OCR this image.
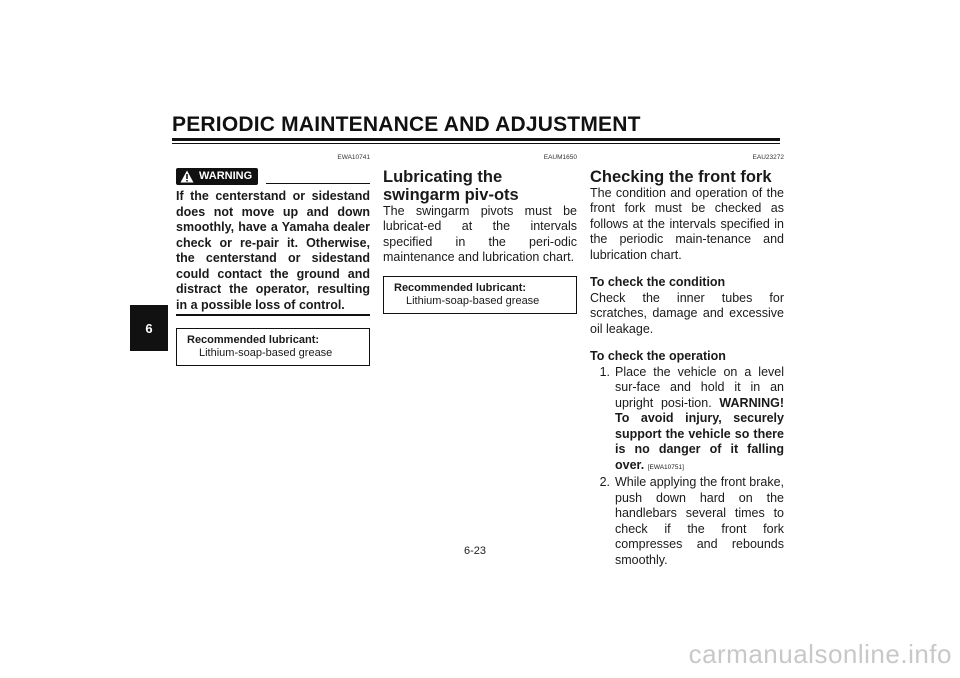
PERIODIC MAINTENANCE AND ADJUSTMENT
6
EWA10741
WARNING
If the centerstand or sidestand does not move up and down smoothly, have a Yamaha dealer check or re-pair it. Otherwise, the centerstand or sidestand could contact the ground and distract the operator, resulting in a possible loss of control.
Recommended lubricant:
Lithium-soap-based grease
EAUM1650
Lubricating the swingarm piv-ots
The swingarm pivots must be lubricat-ed at the intervals specified in the peri-odic maintenance and lubrication chart.
Recommended lubricant:
Lithium-soap-based grease
EAU23272
Checking the front fork
The condition and operation of the front fork must be checked as follows at the intervals specified in the periodic main-tenance and lubrication chart.
To check the condition
Check the inner tubes for scratches, damage and excessive oil leakage.
To check the operation
1. Place the vehicle on a level sur-face and hold it in an upright posi-tion. WARNING! To avoid injury, securely support the vehicle so there is no danger of it falling over. [EWA10751]
2. While applying the front brake, push down hard on the handlebars several times to check if the front fork compresses and rebounds smoothly.
6-23
carmanualsonline.info
